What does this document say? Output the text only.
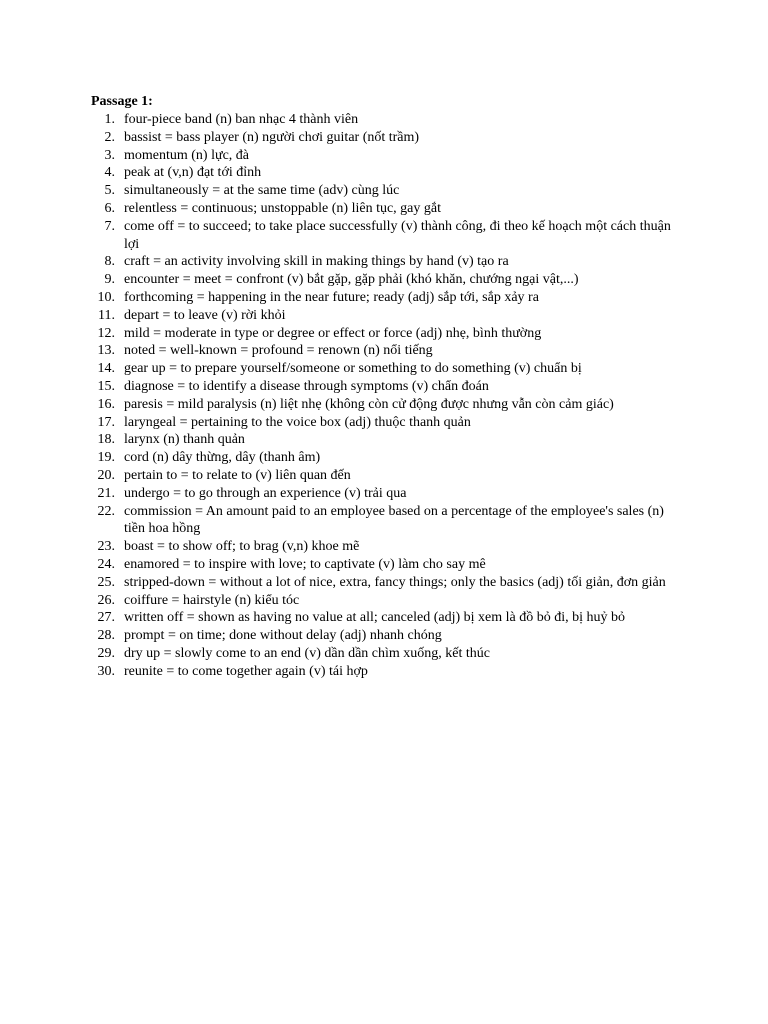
Passage 1:

1. four-piece band (n) ban nhạc 4 thành viên
2. bassist = bass player (n) người chơi guitar (nốt trầm)
3. momentum (n) lực, đà
4. peak at (v,n) đạt tới đỉnh
5. simultaneously = at the same time (adv) cùng lúc
6. relentless = continuous; unstoppable (n) liên tục, gay gắt
7. come off = to succeed; to take place successfully (v) thành công, đi theo kế hoạch một cách thuận lợi
8. craft = an activity involving skill in making things by hand (v) tạo ra
9. encounter = meet = confront (v) bắt gặp, gặp phải (khó khăn, chướng ngại vật,...)
10. forthcoming = happening in the near future; ready (adj) sắp tới, sắp xảy ra
11. depart = to leave (v) rời khỏi
12. mild = moderate in type or degree or effect or force (adj) nhẹ, bình thường
13. noted = well-known = profound = renown (n) nổi tiếng
14. gear up = to prepare yourself/someone or something to do something (v) chuẩn bị
15. diagnose = to identify a disease through symptoms (v) chẩn đoán
16. paresis = mild paralysis (n) liệt nhẹ (không còn cử động được nhưng vẫn còn cảm giác)
17. laryngeal = pertaining to the voice box (adj) thuộc thanh quản
18. larynx (n) thanh quản
19. cord (n) dây thừng, dây (thanh âm)
20. pertain to = to relate to (v) liên quan đến
21. undergo = to go through an experience (v) trải qua
22. commission = An amount paid to an employee based on a percentage of the employee's sales (n) tiền hoa hồng
23. boast = to show off; to brag (v,n) khoe mẽ
24. enamored = to inspire with love; to captivate (v) làm cho say mê
25. stripped-down = without a lot of nice, extra, fancy things; only the basics (adj) tối giản, đơn giản
26. coiffure = hairstyle (n) kiểu tóc
27. written off = shown as having no value at all; canceled (adj) bị xem là đồ bỏ đi, bị huỷ bỏ
28. prompt = on time; done without delay (adj) nhanh chóng
29. dry up = slowly come to an end (v) dần dần chìm xuống, kết thúc
30. reunite = to come together again (v) tái hợp
